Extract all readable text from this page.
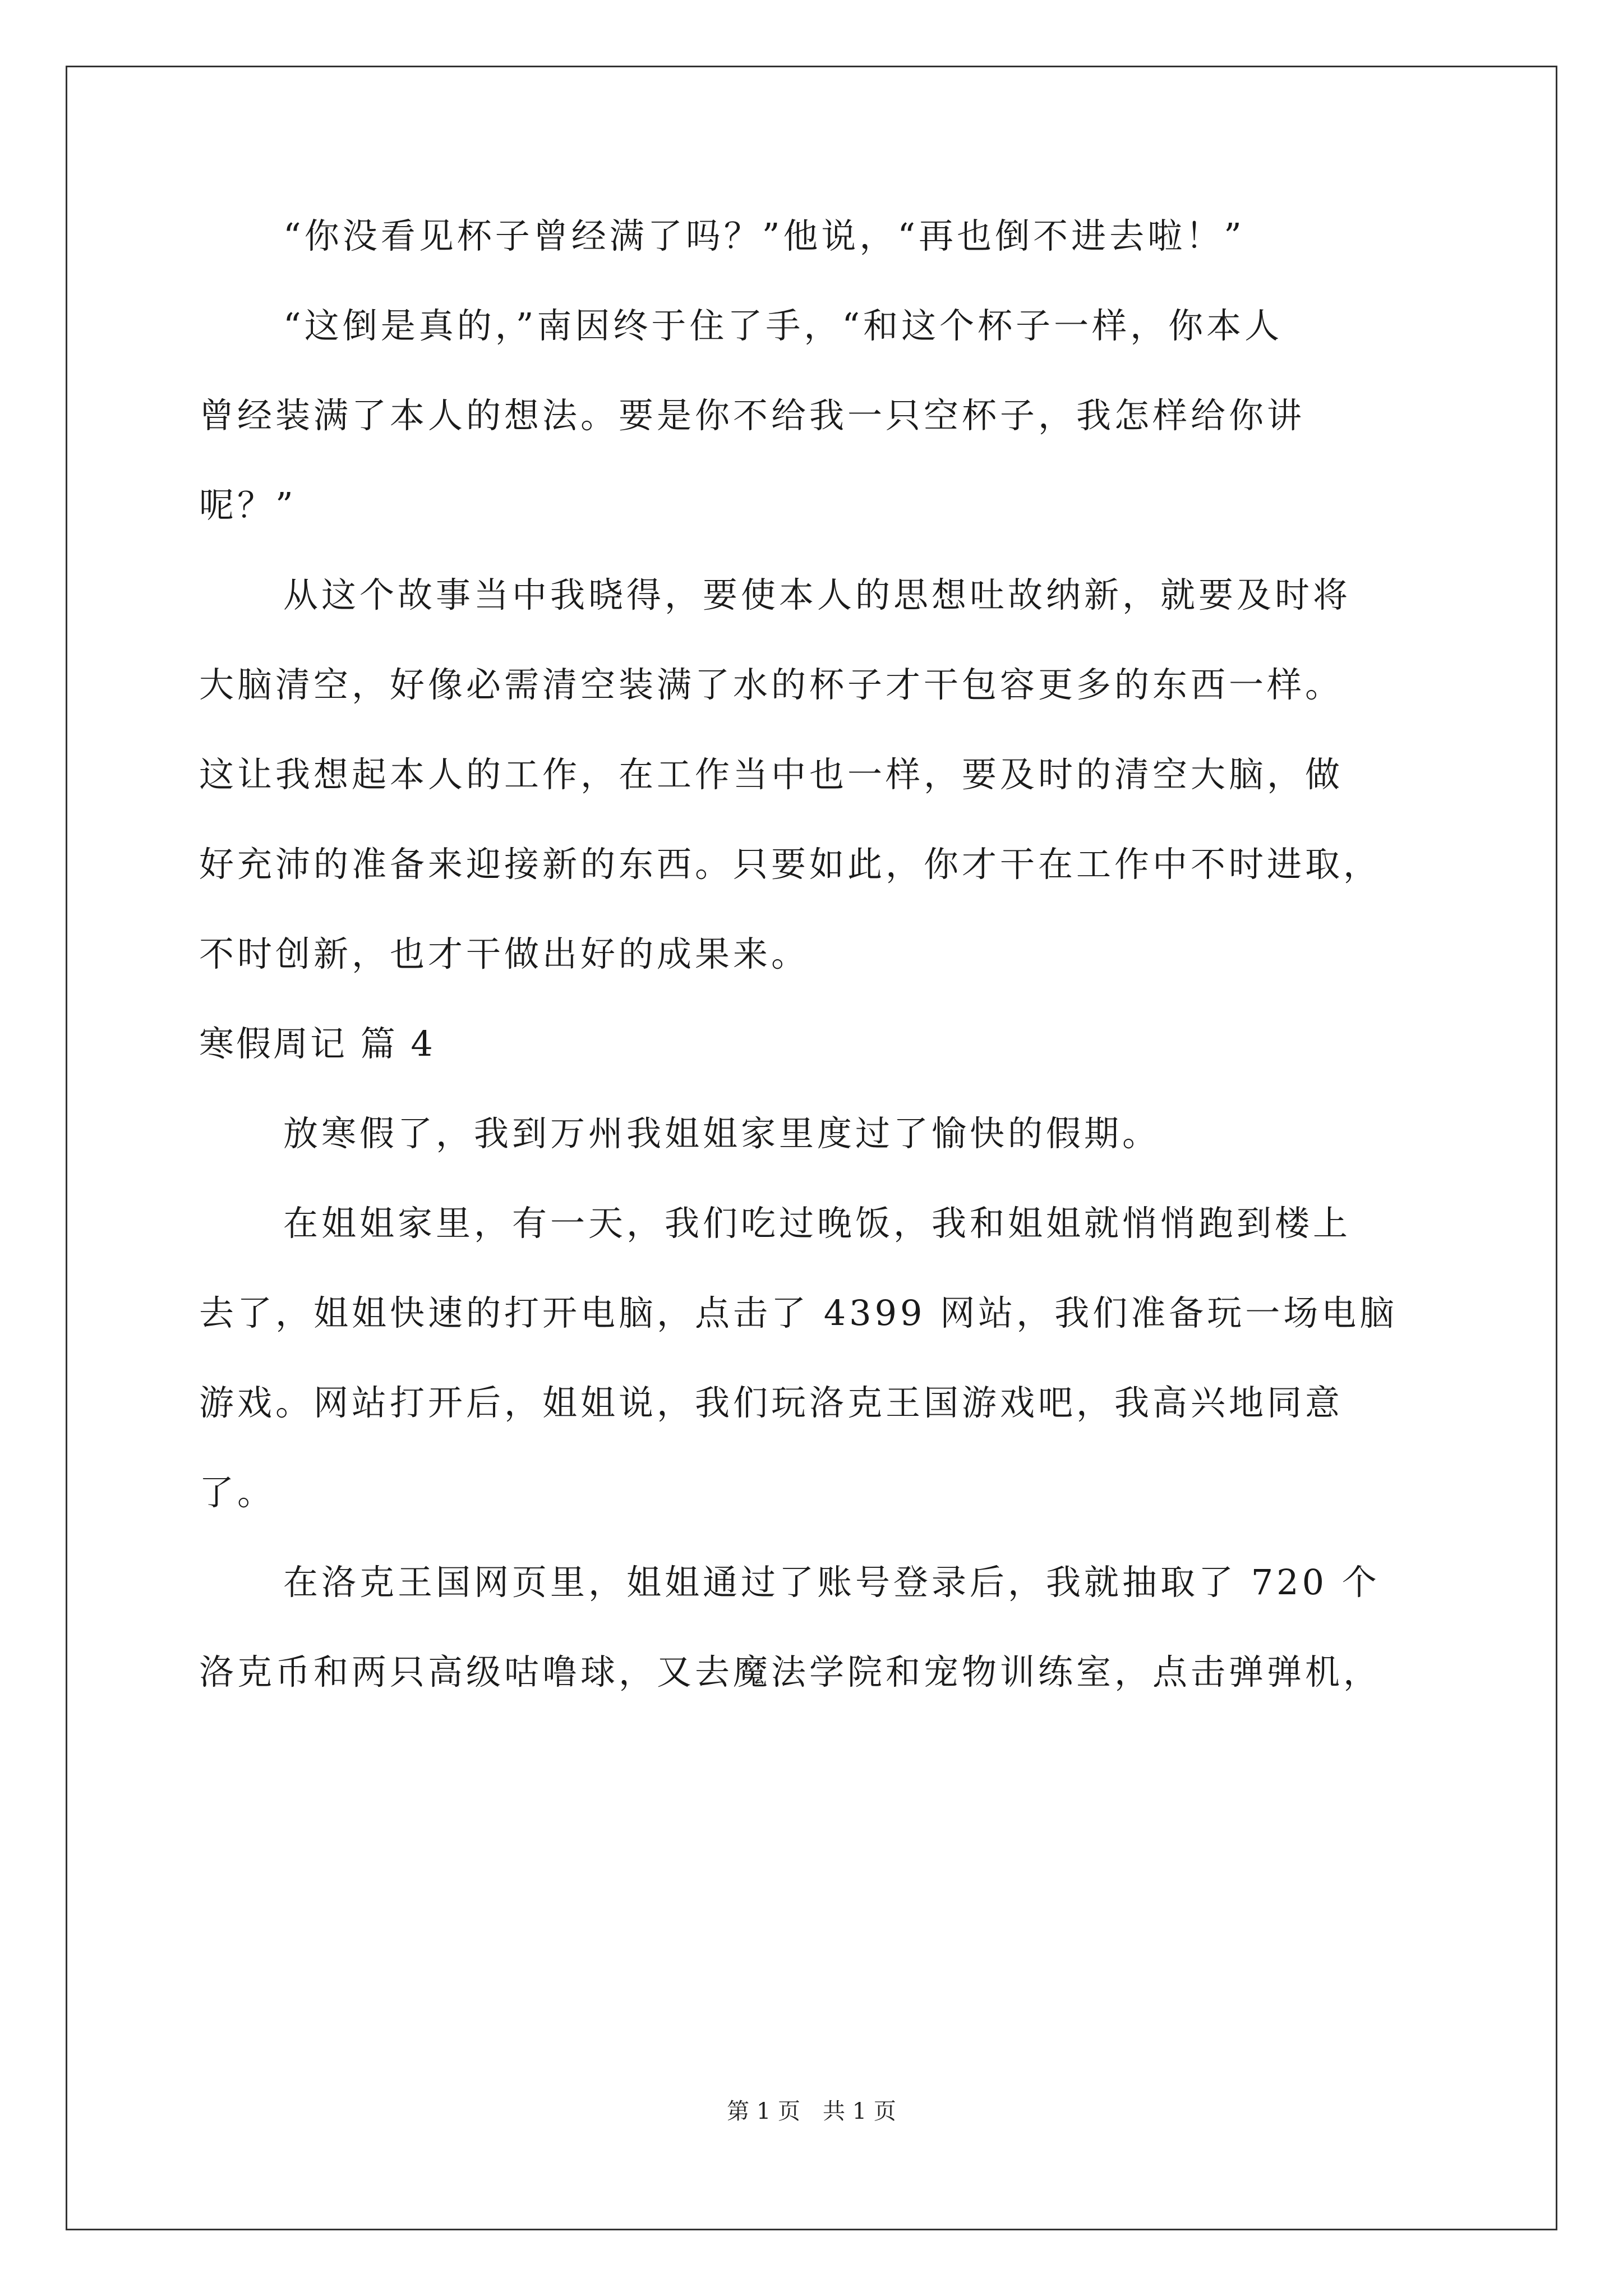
“你没看见杯子曾经满了吗？”他说，“再也倒不进去啦！”
“这倒是真的，”南因终于住了手，“和这个杯子一样，你本人
曾经装满了本人的想法。要是你不给我一只空杯子，我怎样给你讲
呢？”
从这个故事当中我晓得，要使本人的思想吐故纳新，就要及时将
大脑清空，好像必需清空装满了水的杯子才干包容更多的东西一样。
这让我想起本人的工作，在工作当中也一样，要及时的清空大脑，做
好充沛的准备来迎接新的东西。只要如此，你才干在工作中不时进取，
不时创新，也才干做出好的成果来。
寒假周记 篇 4
放寒假了，我到万州我姐姐家里度过了愉快的假期。
在姐姐家里，有一天，我们吃过晚饭，我和姐姐就悄悄跑到楼上
去了，姐姐快速的打开电脑，点击了 4399 网站，我们准备玩一场电脑
游戏。网站打开后，姐姐说，我们玩洛克王国游戏吧，我高兴地同意
了。
在洛克王国网页里，姐姐通过了账号登录后，我就抽取了 720 个
洛克币和两只高级咕噜球，又去魔法学院和宠物训练室，点击弹弹机，
第 1 页 共 1 页
